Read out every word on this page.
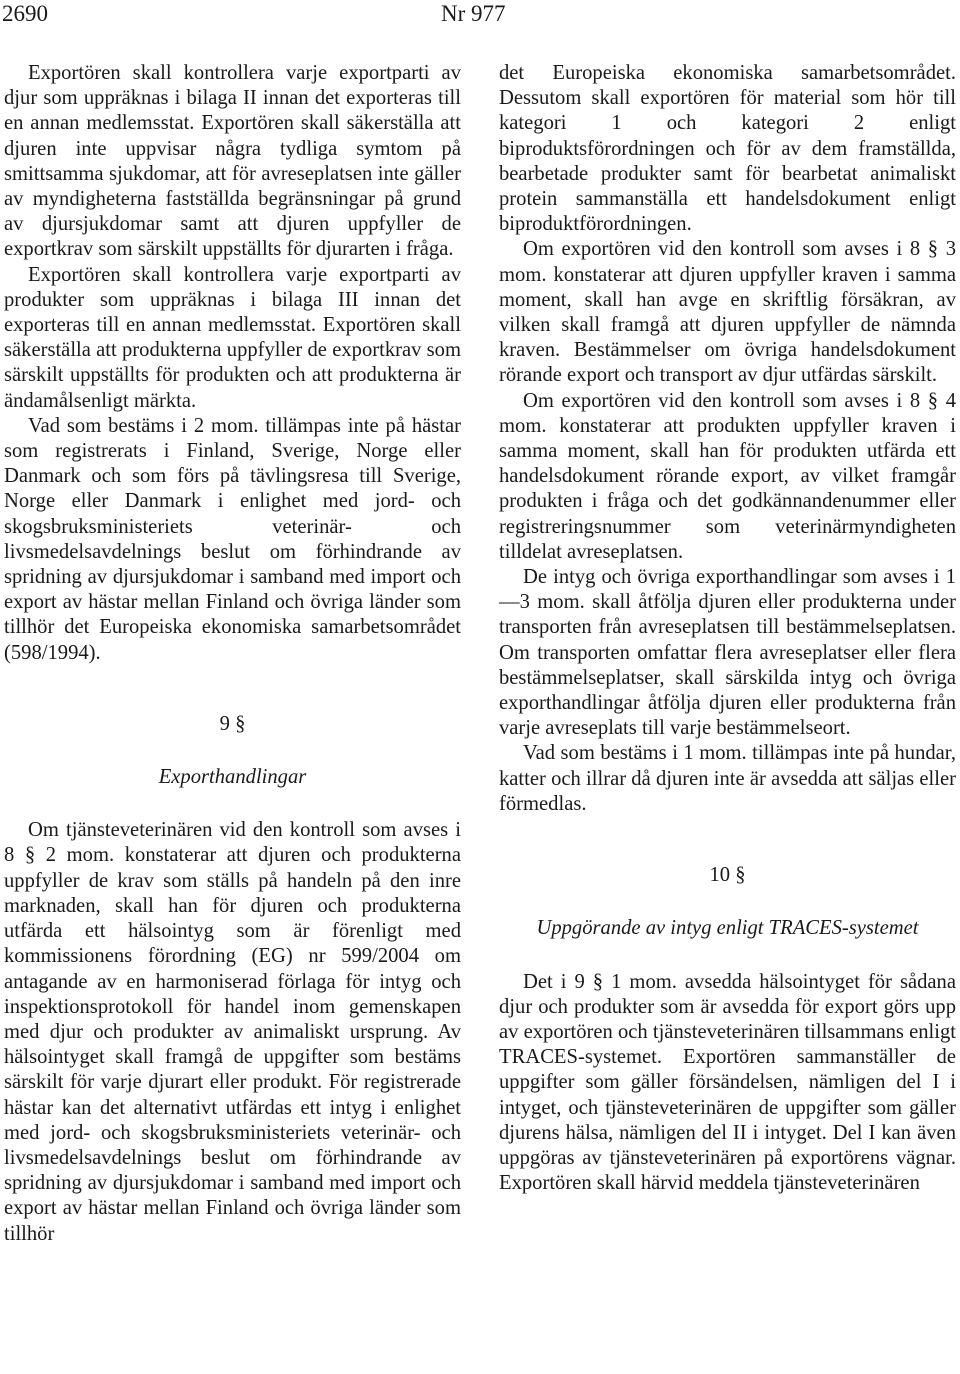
2690	Nr 977

Exportören skall kontrollera varje exportparti av djur som uppräknas i bilaga II innan det exporteras till en annan medlemsstat. Exportören skall säkerställa att djuren inte uppvisar några tydliga symtom på smittsamma sjukdomar, att för avreseplatsen inte gäller av myndigheterna fastställda begränsningar på grund av djursjukdomar samt att djuren uppfyller de exportkrav som särskilt uppställts för djurarten i fråga.

Exportören skall kontrollera varje exportparti av produkter som uppräknas i bilaga III innan det exporteras till en annan medlemsstat. Exportören skall säkerställa att produkterna uppfyller de exportkrav som särskilt uppställts för produkten och att produkterna är ändamålsenligt märkta.

Vad som bestäms i 2 mom. tillämpas inte på hästar som registrerats i Finland, Sverige, Norge eller Danmark och som förs på tävlingsresa till Sverige, Norge eller Danmark i enlighet med jord- och skogsbruksministeriets veterinär- och livsmedelsavdelnings beslut om förhindrande av spridning av djursjukdomar i samband med import och export av hästar mellan Finland och övriga länder som tillhör det Europeiska ekonomiska samarbetsområdet (598/1994).

9 §

Exporthandlingar

Om tjänsteveterinären vid den kontroll som avses i 8 § 2 mom. konstaterar att djuren och produkterna uppfyller de krav som ställs på handeln på den inre marknaden, skall han för djuren och produkterna utfärda ett hälsointyg som är förenligt med kommissionens förordning (EG) nr 599/2004 om antagande av en harmoniserad förlaga för intyg och inspektionsprotokoll för handel inom gemenskapen med djur och produkter av animaliskt ursprung. Av hälsointyget skall framgå de uppgifter som bestäms särskilt för varje djurart eller produkt. För registrerade hästar kan det alternativt utfärdas ett intyg i enlighet med jord- och skogsbruksministeriets veterinär- och livsmedelsavdelnings beslut om förhindrande av spridning av djursjukdomar i samband med import och export av hästar mellan Finland och övriga länder som tillhör

det Europeiska ekonomiska samarbetsområdet. Dessutom skall exportören för material som hör till kategori 1 och kategori 2 enligt biproduktsförordningen och för av dem framställda, bearbetade produkter samt för bearbetat animaliskt protein sammanställa ett handelsdokument enligt biproduktförordningen.

Om exportören vid den kontroll som avses i 8 § 3 mom. konstaterar att djuren uppfyller kraven i samma moment, skall han avge en skriftlig försäkran, av vilken skall framgå att djuren uppfyller de nämnda kraven. Bestämmelser om övriga handelsdokument rörande export och transport av djur utfärdas särskilt.

Om exportören vid den kontroll som avses i 8 § 4 mom. konstaterar att produkten uppfyller kraven i samma moment, skall han för produkten utfärda ett handelsdokument rörande export, av vilket framgår produkten i fråga och det godkännandenummer eller registreringsnummer som veterinärmyndigheten tilldelat avreseplatsen.

De intyg och övriga exporthandlingar som avses i 1—3 mom. skall åtfölja djuren eller produkterna under transporten från avreseplatsen till bestämmelseplatsen. Om transporten omfattar flera avreseplatser eller flera bestämmelseplatser, skall särskilda intyg och övriga exporthandlingar åtfölja djuren eller produkterna från varje avreseplats till varje bestämmelseort.

Vad som bestäms i 1 mom. tillämpas inte på hundar, katter och illrar då djuren inte är avsedda att säljas eller förmedlas.

10 §

Uppgörande av intyg enligt TRACES-systemet

Det i 9 § 1 mom. avsedda hälsointyget för sådana djur och produkter som är avsedda för export görs upp av exportören och tjänsteveterinären tillsammans enligt TRACES-systemet. Exportören sammanställer de uppgifter som gäller försändelsen, nämligen del I i intyget, och tjänsteveterinären de uppgifter som gäller djurens hälsa, nämligen del II i intyget. Del I kan även uppgöras av tjänsteveterinären på exportörens vägnar. Exportören skall härvid meddela tjänsteveterinären
